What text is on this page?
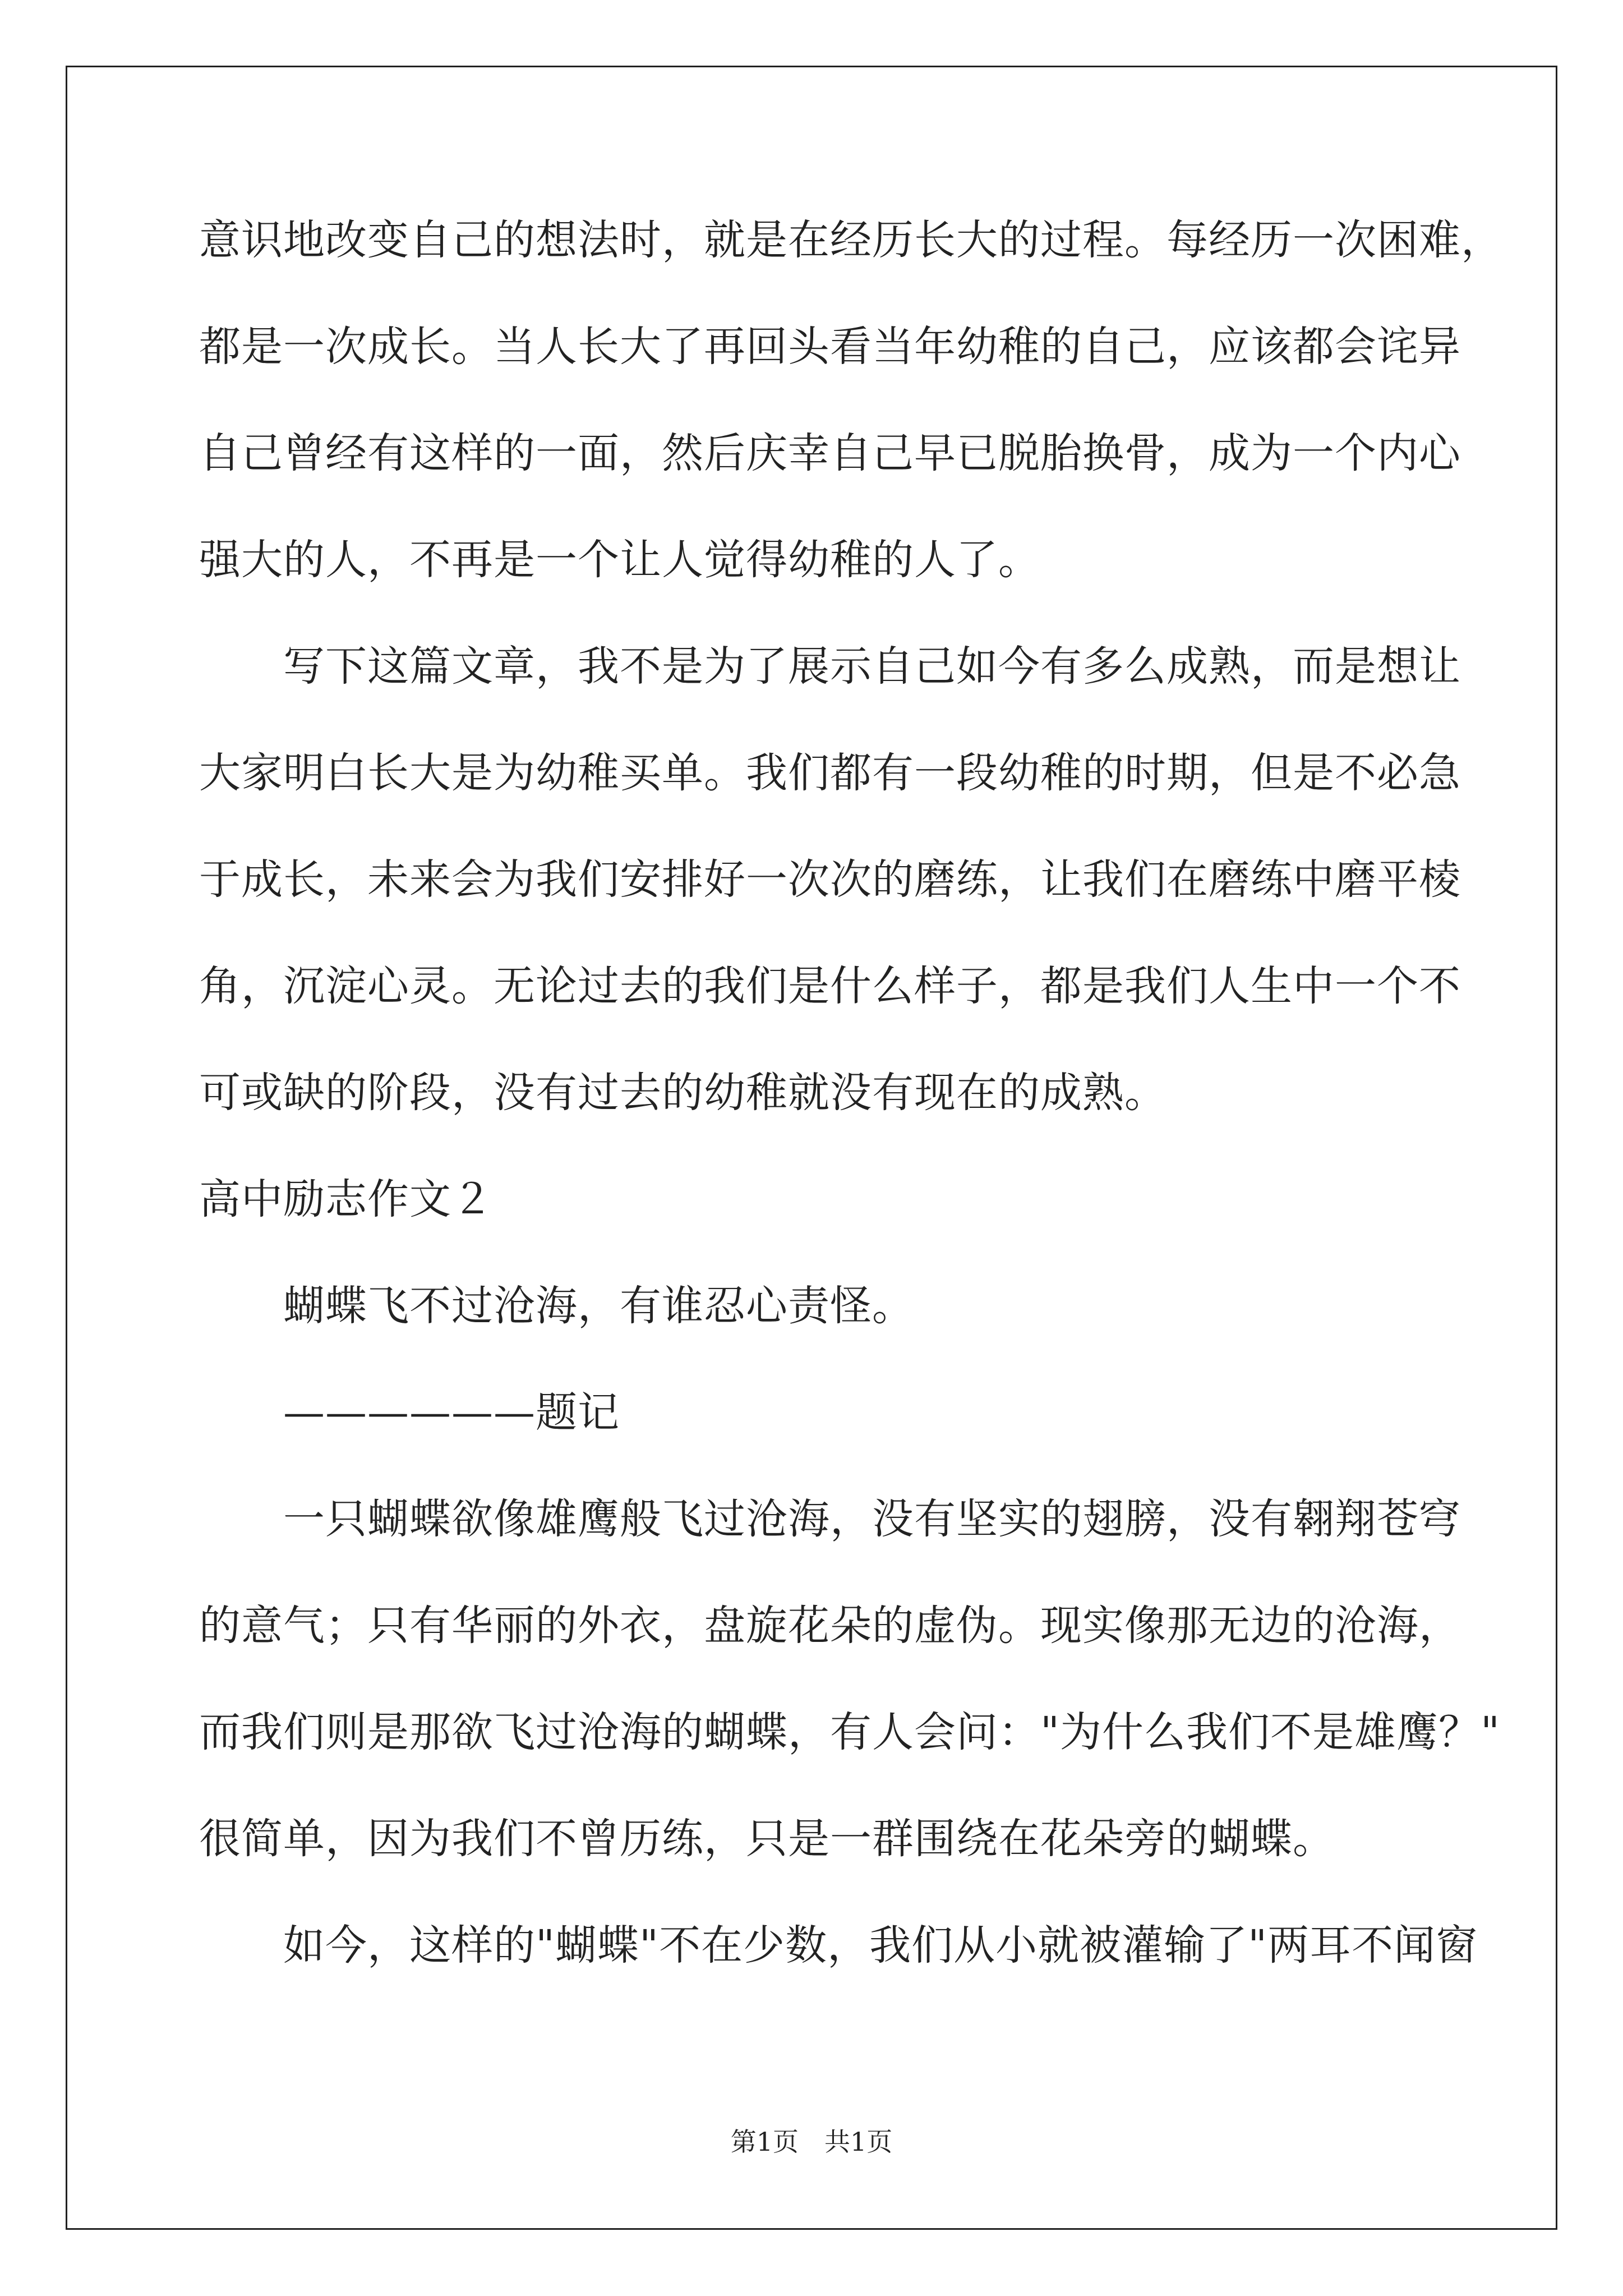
意识地改变自己的想法时，就是在经历长大的过程。每经历一次困难，
都是一次成长。当人长大了再回头看当年幼稚的自己，应该都会诧异
自己曾经有这样的一面，然后庆幸自己早已脱胎换骨，成为一个内心
强大的人，不再是一个让人觉得幼稚的人了。
　　写下这篇文章，我不是为了展示自己如今有多么成熟，而是想让
大家明白长大是为幼稚买单。我们都有一段幼稚的时期，但是不必急
于成长，未来会为我们安排好一次次的磨练，让我们在磨练中磨平棱
角，沉淀心灵。无论过去的我们是什么样子，都是我们人生中一个不
可或缺的阶段，没有过去的幼稚就没有现在的成熟。
高中励志作文２
　　蝴蝶飞不过沧海，有谁忍心责怪。
　　——————题记
　　一只蝴蝶欲像雄鹰般飞过沧海，没有坚实的翅膀，没有翱翔苍穹
的意气；只有华丽的外衣，盘旋花朵的虚伪。现实像那无边的沧海，
而我们则是那欲飞过沧海的蝴蝶，有人会问："为什么我们不是雄鹰？"
很简单，因为我们不曾历练，只是一群围绕在花朵旁的蝴蝶。
　　如今，这样的"蝴蝶"不在少数，我们从小就被灌输了"两耳不闻窗
第1页　共1页
